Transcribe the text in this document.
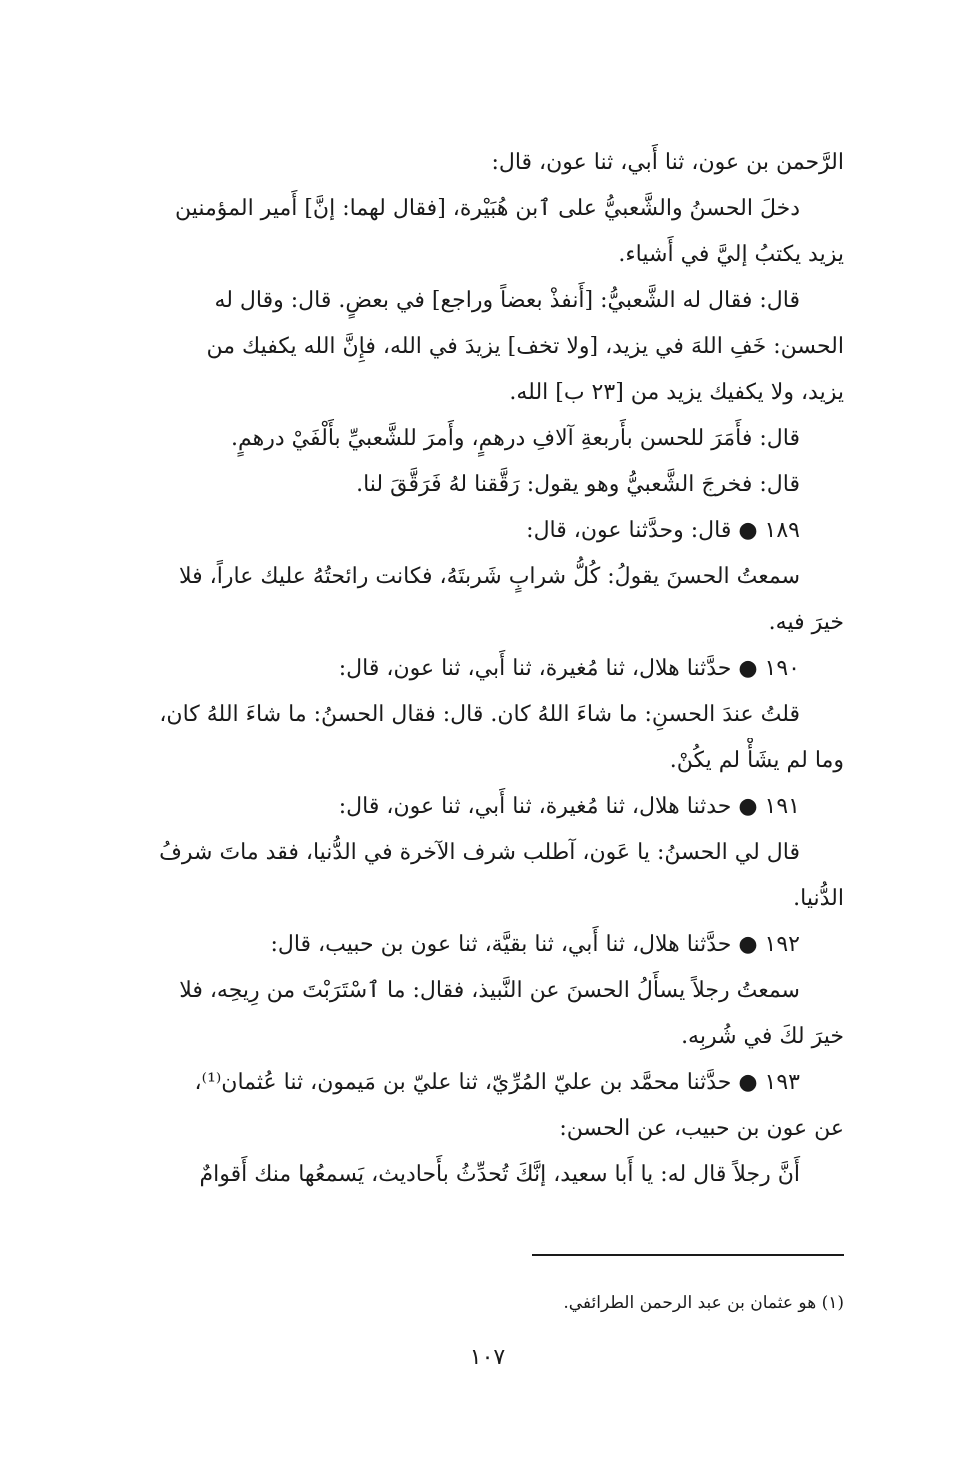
الرَّحمن بن عون، ثنا أَبي، ثنا عون، قال:

دخلَ الحسنُ والشَّعبيُّ على ٱبن هُبَيْرة، [فقال لهما: إنَّ] أَمير المؤمنين

يزيد يكتبُ إليَّ في أَشياء.

قال: فقال له الشَّعبيُّ: [أَنفذْ بعضاً وراجع] في بعضٍ. قال: وقال له

الحسن: خَفِ اللهَ في يزيد، [ولا تخف] يزيدَ في الله، فإِنَّ الله يكفيك من

يزيد، ولا يكفيك يزيد من [٢٣ ب] الله.

قال: فأَمَرَ للحسن بأَربعةِ آلافِ درهمٍ، وأَمرَ للشَّعبيِّ بأَلْفَيْ درهمٍ.

قال: فخرجَ الشَّعبيُّ وهو يقول: رَقَّقنا لهُ فَرَقَّقَ لنا.

١٨٩ ● قال: وحدَّثنا عون، قال:

سمعتُ الحسنَ يقولُ: كُلُّ شرابٍ شَربتَهُ، فكانت رائحتُهُ عليك عاراً، فلا

خيرَ فيه.

١٩٠ ● حدَّثنا هلال، ثنا مُغيرة، ثنا أَبي، ثنا عون، قال:

قلتُ عندَ الحسنِ: ما شاءَ اللهُ كان. قال: فقال الحسنُ: ما شاءَ اللهُ كان،

وما لم يشَأْ لم يكُنْ.

١٩١ ● حدثنا هلال، ثنا مُغيرة، ثنا أَبي، ثنا عون، قال:

قال لي الحسنُ: يا عَون، آطلب شرف الآخرة في الدُّنيا، فقد ماتَ شرفُ

الدُّنيا.

١٩٢ ● حدَّثنا هلال، ثنا أَبي، ثنا بقيَّة، ثنا عون بن حبيب، قال:

سمعتُ رجلاً يسأَلُ الحسنَ عن النَّبيذ، فقال: ما ٱسْتَرَبْتَ من رِيحِه، فلا

خيرَ لكَ في شُربِه.

١٩٣ ● حدَّثنا محمَّد بن عليّ المُرِّيّ، ثنا عليّ بن مَيمون، ثنا عُثمان⁽¹⁾،

عن عون بن حبيب، عن الحسن:

أَنَّ رجلاً قال له: يا أَبا سعيد، إنَّكَ تُحدِّثُ بأَحاديث، يَسمعُها منك أَقوامٌ

(١) هو عثمان بن عبد الرحمن الطرائفي.
١٠٧
